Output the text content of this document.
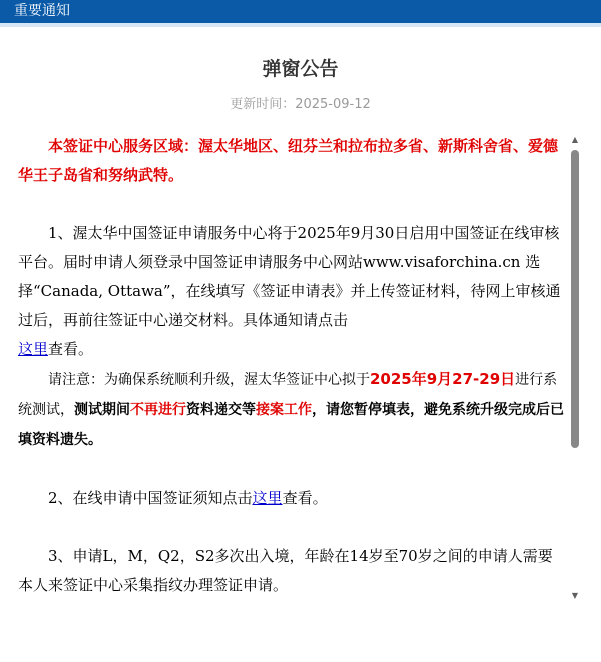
重要通知
弹窗公告
更新时间：2025-09-12

本签证中心服务区域：渥太华地区、纽芬兰和拉布拉多省、新斯科舍省、爱德华王子岛省和努纳武特。

1、渥太华中国签证申请服务中心将于2025年9月30日启用中国签证在线审核平台。届时申请人须登录中国签证申请服务中心网站www.visaforchina.cn 选择“Canada, Ottawa”，在线填写《签证申请表》并上传签证材料，待网上审核通过后，再前往签证中心递交材料。具体通知请点击
这里查看。

请注意：为确保系统顺利升级，渥太华签证中心拟于2025年9月27-29日进行系统测试，测试期间不再进行资料递交等接案工作，请您暂停填表，避免系统升级完成后已填资料遗失。

2、在线申请中国签证须知点击这里查看。

3、申请L，M，Q2，S2多次出入境，年龄在14岁至70岁之间的申请人需要本人来签证中心采集指纹办理签证申请。

▲
▼
